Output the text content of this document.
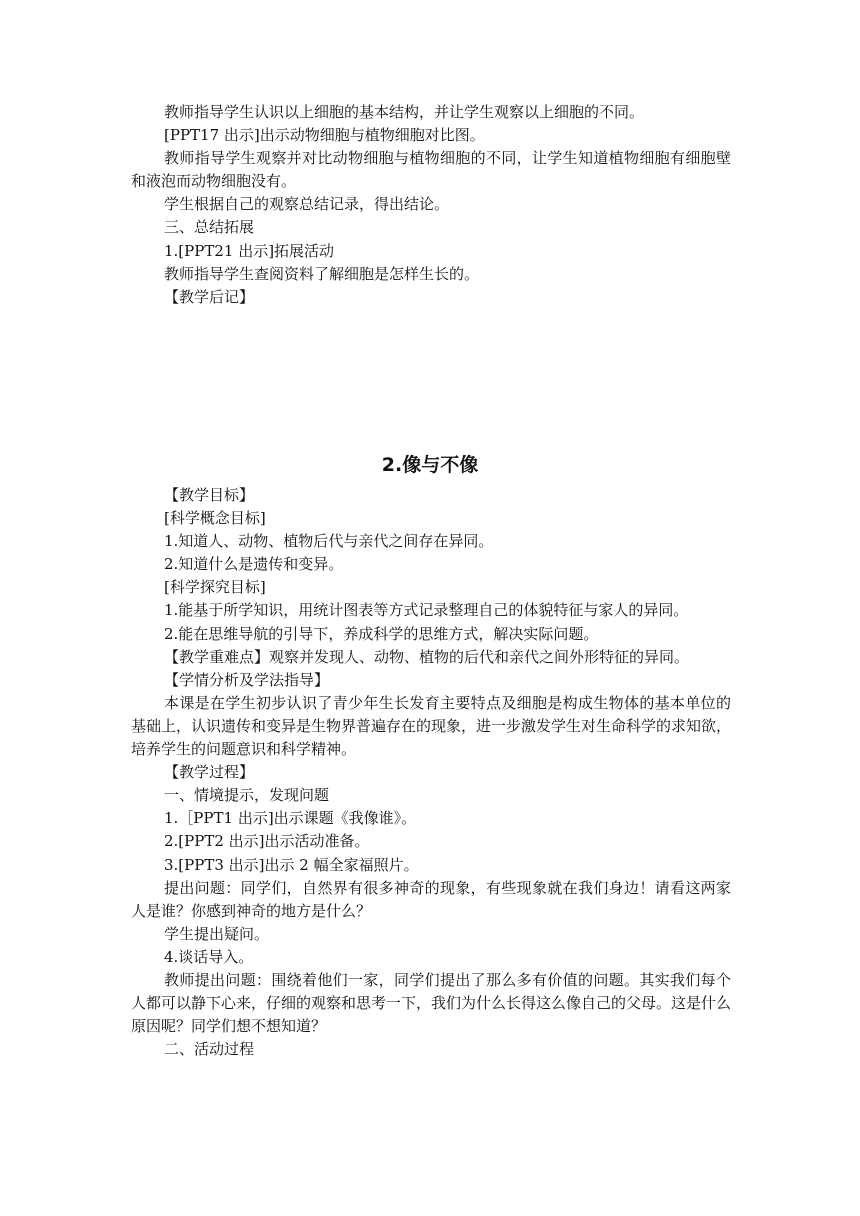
教师指导学生认识以上细胞的基本结构，并让学生观察以上细胞的不同。

[PPT17 出示]出示动物细胞与植物细胞对比图。

教师指导学生观察并对比动物细胞与植物细胞的不同，让学生知道植物细胞有细胞壁和液泡而动物细胞没有。

学生根据自己的观察总结记录，得出结论。

三、总结拓展

1.[PPT21 出示]拓展活动

教师指导学生查阅资料了解细胞是怎样生长的。

【教学后记】

2.像与不像

【教学目标】

[科学概念目标]

1.知道人、动物、植物后代与亲代之间存在异同。

2.知道什么是遗传和变异。

[科学探究目标]

1.能基于所学知识，用统计图表等方式记录整理自己的体貌特征与家人的异同。

2.能在思维导航的引导下，养成科学的思维方式，解决实际问题。

【教学重难点】观察并发现人、动物、植物的后代和亲代之间外形特征的异同。

【学情分析及学法指导】

本课是在学生初步认识了青少年生长发育主要特点及细胞是构成生物体的基本单位的基础上，认识遗传和变异是生物界普遍存在的现象，进一步激发学生对生命科学的求知欲，培养学生的问题意识和科学精神。

【教学过程】

一、情境提示，发现问题

1.［PPT1 出示]出示课题《我像谁》。

2.[PPT2 出示]出示活动准备。

3.[PPT3 出示]出示 2 幅全家福照片。

提出问题：同学们，自然界有很多神奇的现象，有些现象就在我们身边！请看这两家人是谁？你感到神奇的地方是什么？

学生提出疑问。

4.谈话导入。

教师提出问题：围绕着他们一家，同学们提出了那么多有价值的问题。其实我们每个人都可以静下心来，仔细的观察和思考一下，我们为什么长得这么像自己的父母。这是什么原因呢？同学们想不想知道？

二、活动过程
